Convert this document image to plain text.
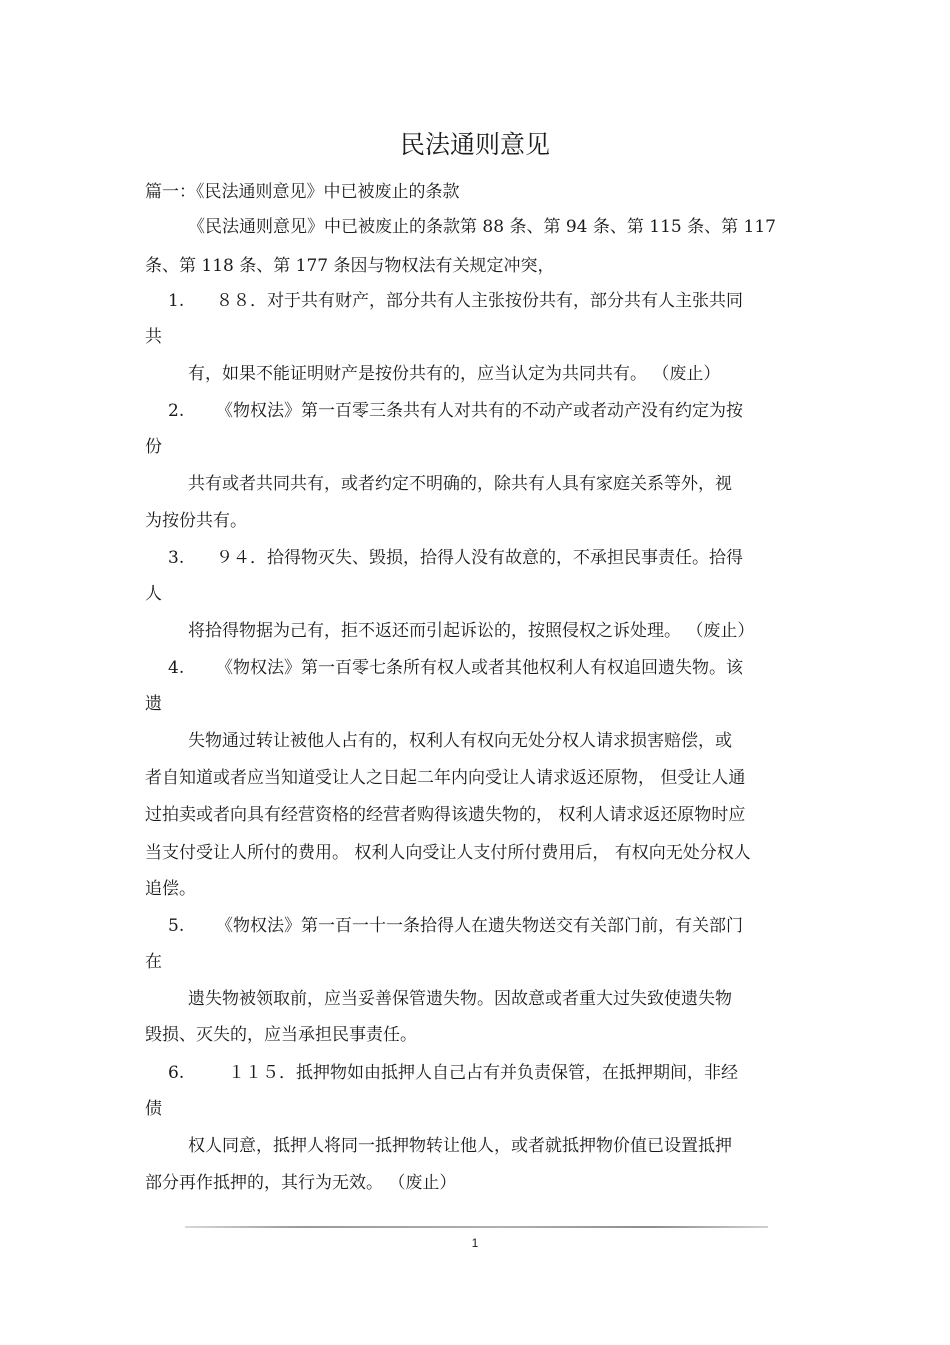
民法通则意见
篇一：《民法通则意见》中已被废止的条款
《民法通则意见》中已被废止的条款第 88 条、第 94 条、第 115 条、第 117
条、第 118 条、第 177 条因与物权法有关规定冲突，
1. ８８．对于共有财产，部分共有人主张按份共有，部分共有人主张共同
共
有，如果不能证明财产是按份共有的，应当认定为共同共有。 （废止）
2. 《物权法》第一百零三条共有人对共有的不动产或者动产没有约定为按
份
共有或者共同共有，或者约定不明确的，除共有人具有家庭关系等外，视
为按份共有。
3. ９４．拾得物灭失、毁损，拾得人没有故意的，不承担民事责任。拾得
人
将拾得物据为己有，拒不返还而引起诉讼的，按照侵权之诉处理。 （废止）
4. 《物权法》第一百零七条所有权人或者其他权利人有权追回遗失物。该
遗
失物通过转让被他人占有的，权利人有权向无处分权人请求损害赔偿，或
者自知道或者应当知道受让人之日起二年内向受让人请求返还原物， 但受让人通
过拍卖或者向具有经营资格的经营者购得该遗失物的， 权利人请求返还原物时应
当支付受让人所付的费用。 权利人向受让人支付所付费用后， 有权向无处分权人
追偿。
5. 《物权法》第一百一十一条拾得人在遗失物送交有关部门前，有关部门
在
遗失物被领取前，应当妥善保管遗失物。因故意或者重大过失致使遗失物
毁损、灭失的，应当承担民事责任。
6.	１１５．抵押物如由抵押人自己占有并负责保管，在抵押期间，非经
债
权人同意，抵押人将同一抵押物转让他人，或者就抵押物价值已设置抵押
部分再作抵押的，其行为无效。 （废止）
1
